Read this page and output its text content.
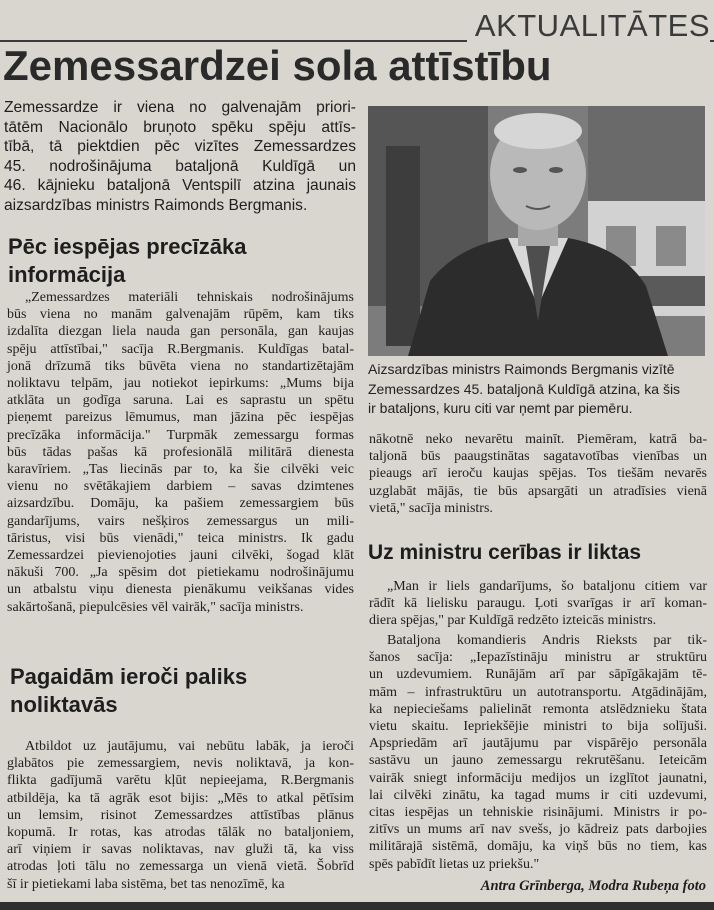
AKTUALITĀTES
Zemessardzei sola attīstību
Zemessardze ir viena no galvenajām priori-
tātēm Nacionālo bruņoto spēku spēju attīs-
tībā, tā piektdien pēc vizītes Zemessardzes
45. nodrošinājuma bataljonā Kuldīgā un
46. kājnieku bataljonā Ventspilī atzina jaunais
aizsardzības ministrs Raimonds Bergmanis.
Aizsardzības ministrs Raimonds Bergmanis vizītē
Zemessardzes 45. bataljonā Kuldīgā atzina, ka šis
ir bataljons, kuru citi var ņemt par piemēru.
Pēc iespējas precīzāka
informācija
Pagaidām ieroči paliks
noliktavās
Uz ministru cerības ir liktas
„Zemessardzes materiāli tehniskais nodrošinājums
būs viena no manām galvenajām rūpēm, kam tiks
izdalīta diezgan liela nauda gan personāla, gan kaujas
spēju attīstībai," sacīja R.Bergmanis. Kuldīgas batal-
jonā drīzumā tiks būvēta viena no standartizētajām
noliktavu telpām, jau notiekot iepirkums: „Mums bija
atklāta un godīga saruna. Lai es saprastu un spētu
pieņemt pareizus lēmumus, man jāzina pēc iespējas
precīzāka informācija." Turpmāk zemessargu formas
būs tādas pašas kā profesionālā militārā dienesta
karavīriem. „Tas liecinās par to, ka šie cilvēki veic
vienu no svētākajiem darbiem – savas dzimtenes
aizsardzību. Domāju, ka pašiem zemessargiem būs
gandarījums, vairs nešķiros zemessargus un mili-
tāristus, visi būs vienādi," teica ministrs. Ik gadu
Zemessardzei pievienojoties jauni cilvēki, šogad klāt
nākuši 700. „Ja spēsim dot pietiekamu nodrošinājumu
un atbalstu viņu dienesta pienākumu veikšanas vides
sakārtošanā, piepulcēsies vēl vairāk," sacīja ministrs.
Atbildot uz jautājumu, vai nebūtu labāk, ja ieroči
glabātos pie zemessargiem, nevis noliktavā, ja kon-
flikta gadījumā varētu kļūt nepieejama, R.Bergmanis
atbildēja, ka tā agrāk esot bijis: „Mēs to atkal pētīsim
un lemsim, risinot Zemessardzes attīstības plānus
kopumā. Ir rotas, kas atrodas tālāk no bataljoniem,
arī viņiem ir savas noliktavas, nav gluži tā, ka viss
atrodas ļoti tālu no zemessarga un vienā vietā. Šobrīd
šī ir pietiekami laba sistēma, bet tas nenozīmē, ka
nākotnē neko nevarētu mainīt. Piemēram, katrā ba-
taljonā būs paaugstinātas sagatavotības vienības un
pieaugs arī ieroču kaujas spējas. Tos tiešām nevarēs
uzglabāt mājās, tie būs apsargāti un atradīsies vienā
vietā," sacīja ministrs.
„Man ir liels gandarījums, šo bataljonu citiem var
rādīt kā lielisku paraugu. Ļoti svarīgas ir arī koman-
diera spējas," par Kuldīgā redzēto izteicās ministrs.
Bataljona komandieris Andris Rieksts par tik-
šanos sacīja: „Iepazīstināju ministru ar struktūru
un uzdevumiem. Runājām arī par sāpīgākajām tē-
mām – infrastruktūru un autotransportu. Atgādinājām,
ka nepieciešams palielināt remonta atslēdznieku štata
vietu skaitu. Iepriekšējie ministri to bija solījuši.
Apspriedām arī jautājumu par vispārējo personāla
sastāvu un jauno zemessargu rekrutēšanu. Ieteicām
vairāk sniegt informāciju medijos un izglītot jaunatni,
lai cilvēki zinātu, ka tagad mums ir citi uzdevumi,
citas iespējas un tehniskie risinājumi. Ministrs ir po-
zitīvs un mums arī nav svešs, jo kādreiz pats darbojies
militārajā sistēmā, domāju, ka viņš būs no tiem, kas
spēs pabīdīt lietas uz priekšu."
Antra Grīnberga, Modra Rubeņa foto
